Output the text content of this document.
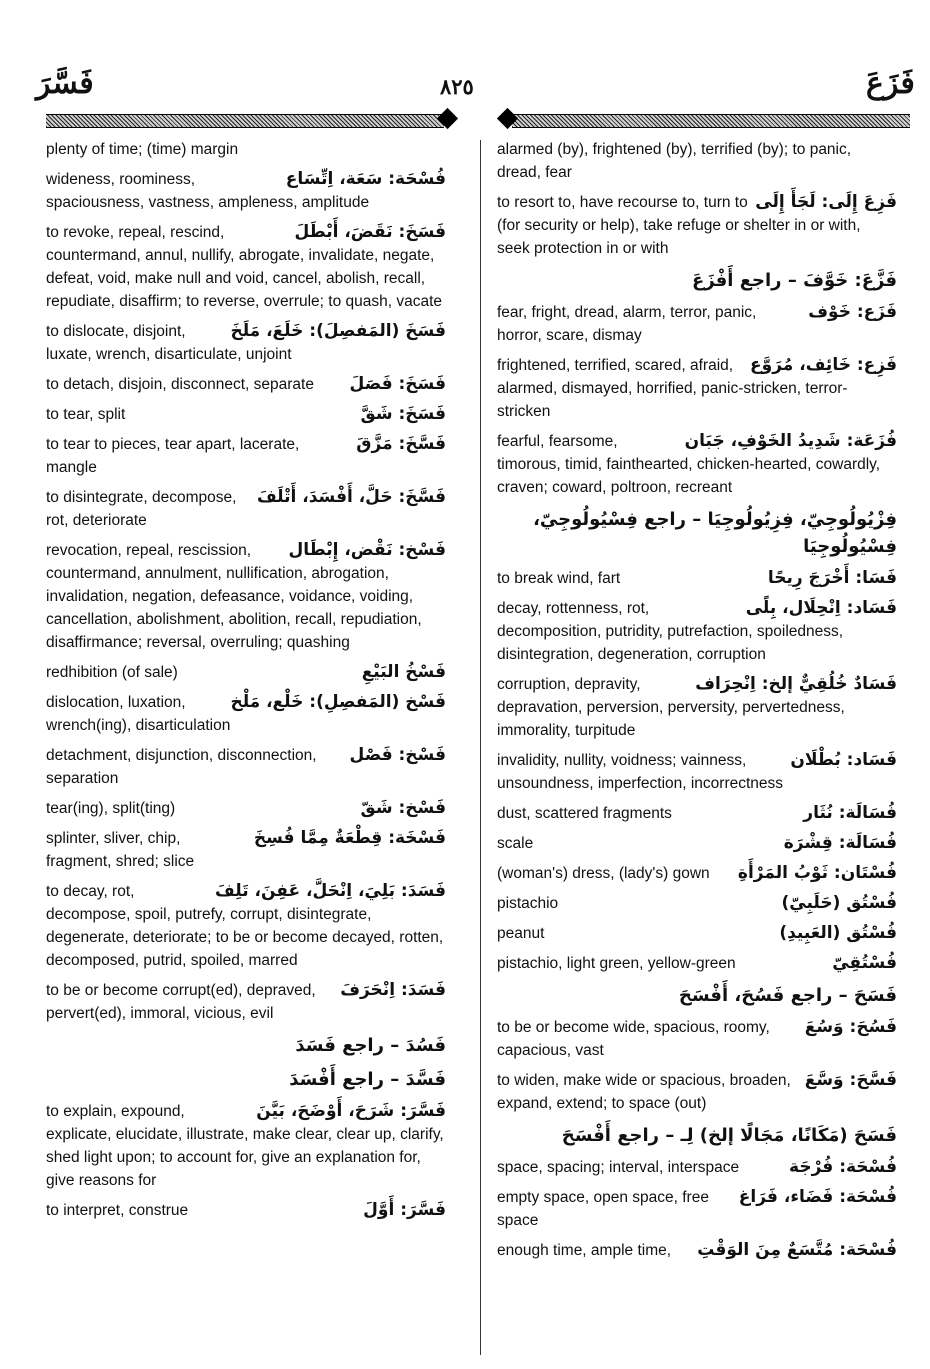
فَسَّرَ	٨٢٥	فَزَعَ
plenty of time; (time) margin
فُسْحَة: سَعَة، اِتِّسَاع
wideness, roominess, spaciousness, vastness, ampleness, amplitude
فَسَخَ: نَقَضَ، أَبْطَلَ
to revoke, repeal, rescind, countermand, annul, nullify, abrogate, invalidate, negate, defeat, void, make null and void, cancel, abolish, recall, repudiate, disaffirm; to reverse, overrule; to quash, vacate
فَسَخَ (المَفصِلَ): خَلَعَ، مَلَخَ
to dislocate, disjoint, luxate, wrench, disarticulate, unjoint
فَسَخَ: فَصَلَ
to detach, disjoin, disconnect, separate
فَسَخَ: شَقَّ
to tear, split
فَسَّخَ: مَزَّقَ
to tear to pieces, tear apart, lacerate, mangle
فَسَّخَ: حَلَّ، أَفْسَدَ، أَتْلَفَ
to disintegrate, decompose, rot, deteriorate
فَسْخ: نَقْض، إِبْطَال
revocation, repeal, rescission, countermand, annulment, nullification, abrogation, invalidation, negation, defeasance, voidance, voiding, cancellation, abolishment, abolition, recall, repudiation, disaffirmance; reversal, overruling; quashing
فَسْخُ البَيْعِ
redhibition (of sale)
فَسْخ (المَفصِلِ): خَلْع، مَلْخ
dislocation, luxation, wrench(ing), disarticulation
فَسْخ: فَصْل
detachment, disjunction, disconnection, separation
فَسْخ: شَقّ
tear(ing), split(ting)
فَسْخَة: قِطْعَةٌ مِمَّا فُسِخَ
splinter, sliver, chip, fragment, shred; slice
فَسَدَ: بَلِيَ، اِنْحَلَّ، عَفِنَ، تَلِفَ
to decay, rot, decompose, spoil, putrefy, corrupt, disintegrate, degenerate, deteriorate; to be or become decayed, rotten, decomposed, putrid, spoiled, marred
فَسَدَ: اِنْحَرَفَ
to be or become corrupt(ed), depraved, pervert(ed), immoral, vicious, evil
فَسُدَ – راجع فَسَدَ
فَسَّدَ – راجع أَفْسَدَ
فَسَّرَ: شَرَحَ، أَوْضَحَ، بَيَّنَ
to explain, expound, explicate, elucidate, illustrate, make clear, clear up, clarify, shed light upon; to account for, give an explanation for, give reasons for
فَسَّرَ: أَوَّلَ
to interpret, construe
alarmed (by), frightened (by), terrified (by); to panic, dread, fear
فَزِعَ إِلَى: لَجَأَ إِلَى
to resort to, have recourse to, turn to (for security or help), take refuge or shelter in or with, seek protection in or with
فَزَّعَ: خَوَّفَ – راجع أَفْزَعَ
فَزَع: خَوْف
fear, fright, dread, alarm, terror, panic, horror, scare, dismay
فَزِع: خَائِف، مُرَوَّع
frightened, terrified, scared, afraid, alarmed, dismayed, horrified, panic-stricken, terror-stricken
فُزَعَة: شَدِيدُ الخَوْفِ، جَبَان
fearful, fearsome, timorous, timid, fainthearted, chicken-hearted, cowardly, craven; coward, poltroon, recreant
فِزْيُولُوجِيّ، فِزِيُولُوجِيَا – راجع فِسْيُولُوجِيّ، فِسْيُولُوجِيَا
فَسَا: أَخْرَجَ رِيحًا
to break wind, fart
فَسَاد: اِنْحِلَال، بِلًى
decay, rottenness, rot, decomposition, putridity, putrefaction, spoiledness, disintegration, degeneration, corruption
فَسَادٌ خُلُقِيٌّ إلخ: اِنْحِرَاف
corruption, depravity, depravation, perversion, perversity, pervertedness, immorality, turpitude
فَسَاد: بُطْلَان
invalidity, nullity, voidness; vainness, unsoundness, imperfection, incorrectness
فُسَالَة: نُثَار
dust, scattered fragments
فُسَالَة: قِشْرَة
scale
فُسْتَان: ثَوْبُ المَرْأَةِ
(woman's) dress, (lady's) gown
فُسْتُق (حَلَبِيّ)
pistachio
فُسْتُق (العَبِيدِ)
peanut
فُسْتُقِيّ
pistachio, light green, yellow-green
فَسَحَ – راجع فَسُحَ، أَفْسَحَ
فَسُحَ: وَسُعَ
to be or become wide, spacious, roomy, capacious, vast
فَسَّحَ: وَسَّعَ
to widen, make wide or spacious, broaden, expand, extend; to space (out)
فَسَحَ (مَكَانًا، مَجَالًا إلخ) لِـ – راجع أَفْسَحَ
فُسْحَة: فُرْجَة
space, spacing; interval, interspace
فُسْحَة: فَضَاء، فَرَاغ
empty space, open space, free space
فُسْحَة: مُتَّسَعٌ مِنَ الوَقْتِ
enough time, ample time,
